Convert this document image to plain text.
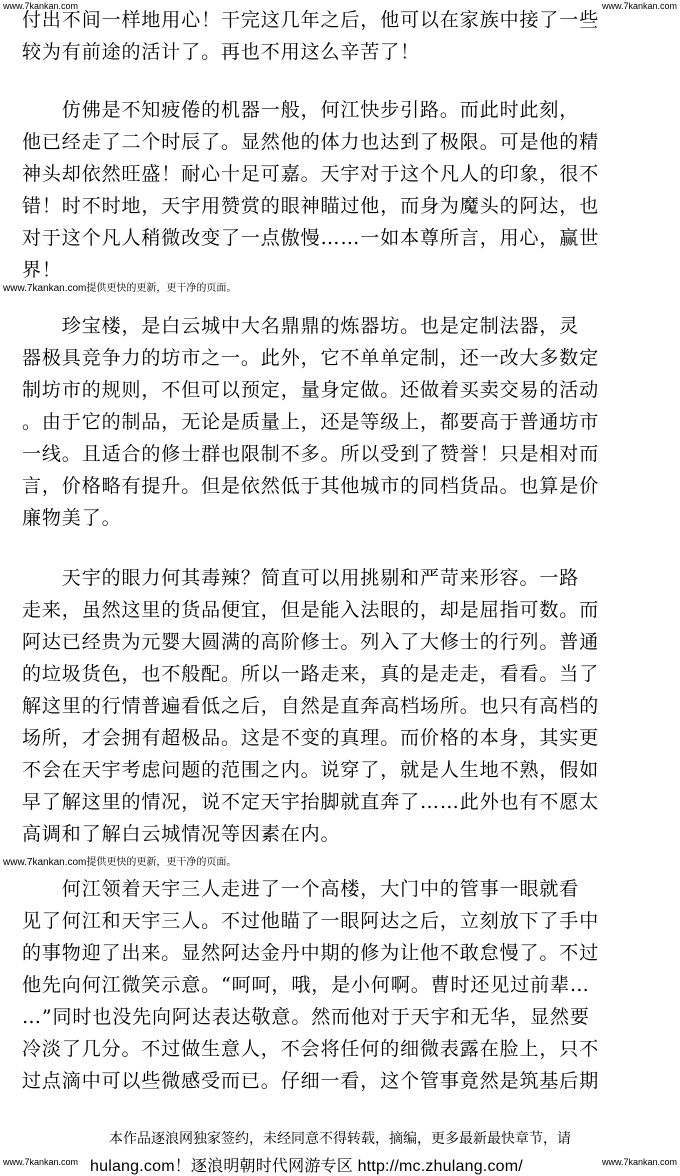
www.7kankan.com	www.7kankan.com
付出不间一样地用心！干完这几年之后，他可以在家族中接了一些
较为有前途的活计了。再也不用这么辛苦了！
　　仿佛是不知疲倦的机器一般，何江快步引路。而此时此刻，
他已经走了二个时辰了。显然他的体力也达到了极限。可是他的精
神头却依然旺盛！耐心十足可嘉。天宇对于这个凡人的印象，很不
错！时不时地，天宇用赞赏的眼神瞄过他，而身为魔头的阿达，也
对于这个凡人稍微改变了一点傲慢……一如本尊所言，用心，赢世
界！
www.7kankan.com提供更快的更新，更干净的页面。
　　珍宝楼，是白云城中大名鼎鼎的炼器坊。也是定制法器，灵
器极具竞争力的坊市之一。此外，它不单单定制，还一改大多数定
制坊市的规则，不但可以预定，量身定做。还做着买卖交易的活动
。由于它的制品，无论是质量上，还是等级上，都要高于普通坊市
一线。且适合的修士群也限制不多。所以受到了赞誉！只是相对而
言，价格略有提升。但是依然低于其他城市的同档货品。也算是价
廉物美了。
　　天宇的眼力何其毒辣？简直可以用挑剔和严苛来形容。一路
走来，虽然这里的货品便宜，但是能入法眼的，却是屈指可数。而
阿达已经贵为元婴大圆满的高阶修士。列入了大修士的行列。普通
的垃圾货色，也不般配。所以一路走来，真的是走走，看看。当了
解这里的行情普遍看低之后，自然是直奔高档场所。也只有高档的
场所，才会拥有超极品。这是不变的真理。而价格的本身，其实更
不会在天宇考虑问题的范围之内。说穿了，就是人生地不熟，假如
早了解这里的情况，说不定天宇抬脚就直奔了……此外也有不愿太
高调和了解白云城情况等因素在内。
www.7kankan.com提供更快的更新，更干净的页面。
　　何江领着天宇三人走进了一个高楼，大门中的管事一眼就看
见了何江和天宇三人。不过他瞄了一眼阿达之后，立刻放下了手中
的事物迎了出来。显然阿达金丹中期的修为让他不敢怠慢了。不过
他先向何江微笑示意。“呵呵，哦，是小何啊。曹时还见过前辈…
…”同时也没先向阿达表达敬意。然而他对于天宇和无华，显然要
冷淡了几分。不过做生意人，不会将任何的细微表露在脸上，只不
过点滴中可以些微感受而已。仔细一看，这个管事竟然是筑基后期
本作品逐浪网独家签约，未经同意不得转载，摘编，更多最新最快章节，请
www.7kankan.com hulang.com！逐浪明朝时代网游专区 http://mc.zhulang.com/	www.7kankan.com
